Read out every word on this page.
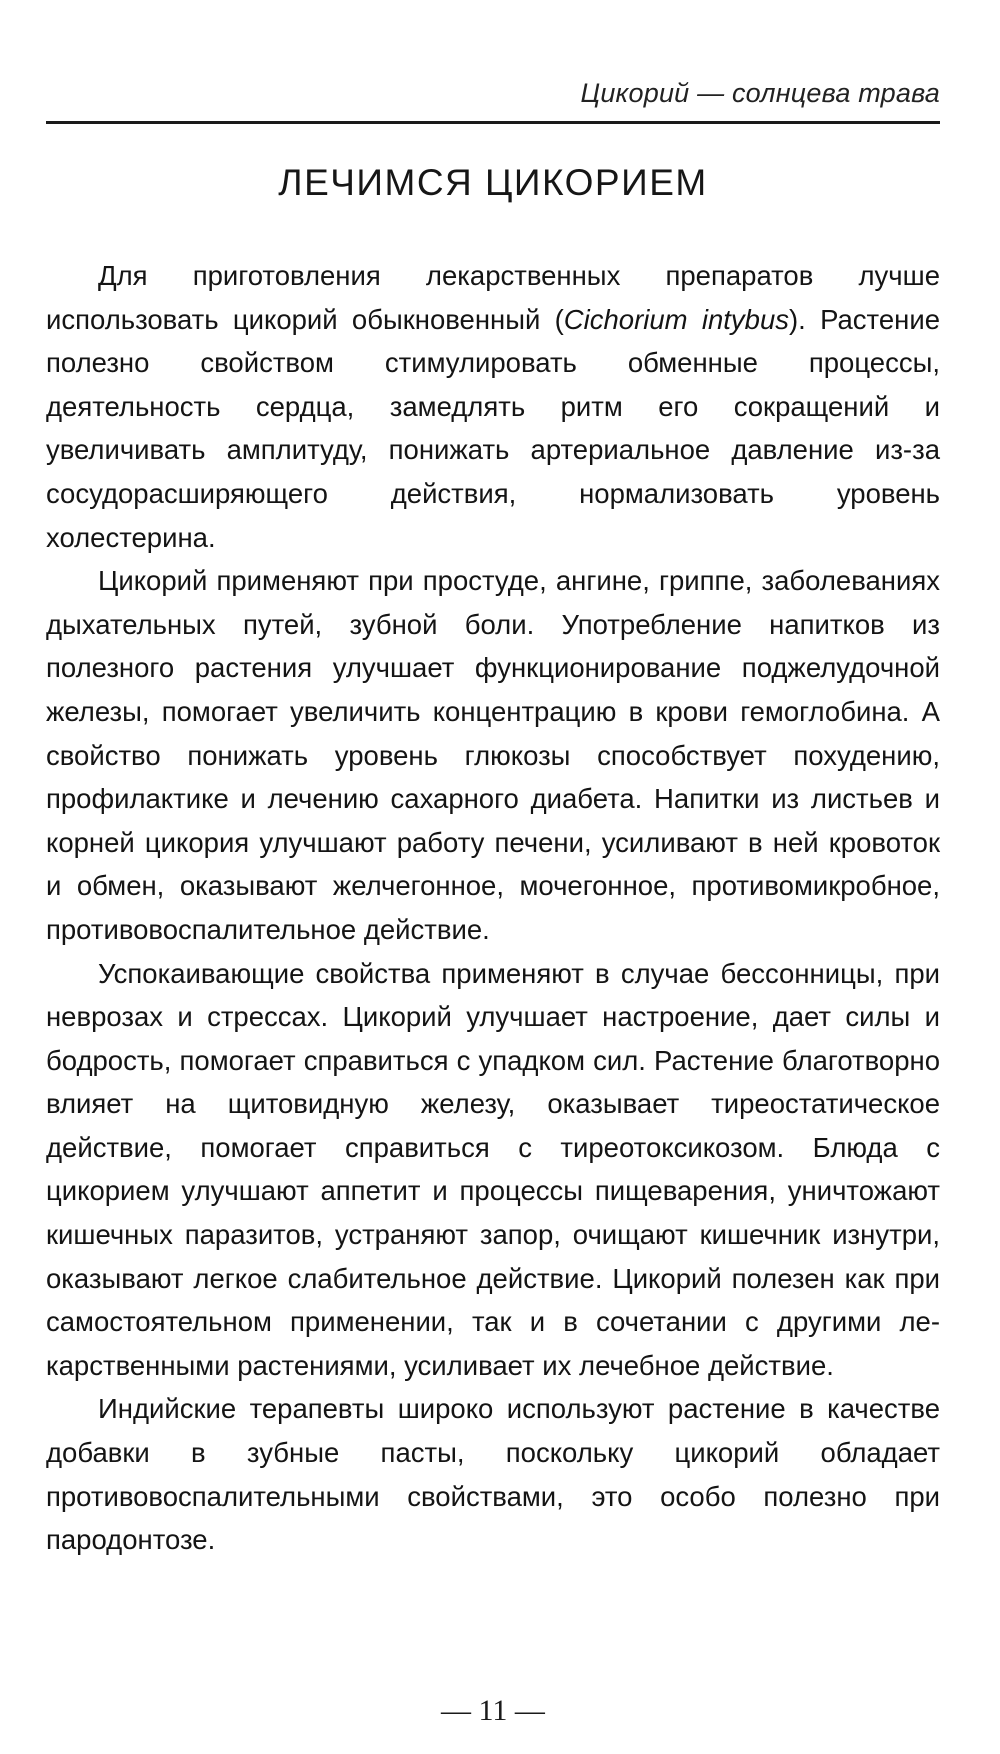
Цикорий — солнцева трава
ЛЕЧИМСЯ ЦИКОРИЕМ

Для приготовления лекарственных препаратов лучше использовать цикорий обыкновенный (Cichorium intybus). Растение полезно свойством стимулировать обменные процессы, деятельность сердца, замедлять ритм его сокращений и увеличивать амплитуду, понижать артериальное давление из-за сосудорасширяющего действия, нормализовать уровень холестерина.

Цикорий применяют при простуде, ангине, гриппе, заболеваниях дыхательных путей, зубной боли. Употребление напитков из полезного растения улучшает функционирование поджелудочной железы, помогает увеличить концентрацию в крови гемоглобина. А свойство понижать уровень глюкозы способствует похудению, профилактике и лечению сахарного диабета. Напитки из листьев и корней цикория улучшают работу печени, усиливают в ней кровоток и обмен, оказывают желчегонное, мочегонное, противомикробное, противовоспалительное действие.

Успокаивающие свойства применяют в случае бессонницы, при неврозах и стрессах. Цикорий улучшает настроение, дает силы и бодрость, помогает справиться с упадком сил. Растение благотворно влияет на щитовидную железу, оказывает тиреостатическое действие, помогает справиться с тиреотоксикозом. Блюда с цикорием улучшают аппетит и процессы пищеварения, уничтожают кишечных паразитов, устраняют запор, очищают кишечник изнутри, оказывают легкое слабительное действие. Цикорий полезен как при самостоятельном применении, так и в сочетании с другими лекарственными растениями, усиливает их лечебное действие.

Индийские терапевты широко используют растение в качестве добавки в зубные пасты, поскольку цикорий обладает противовоспалительными свойствами, это особо полезно при пародонтозе.

— 11 —
